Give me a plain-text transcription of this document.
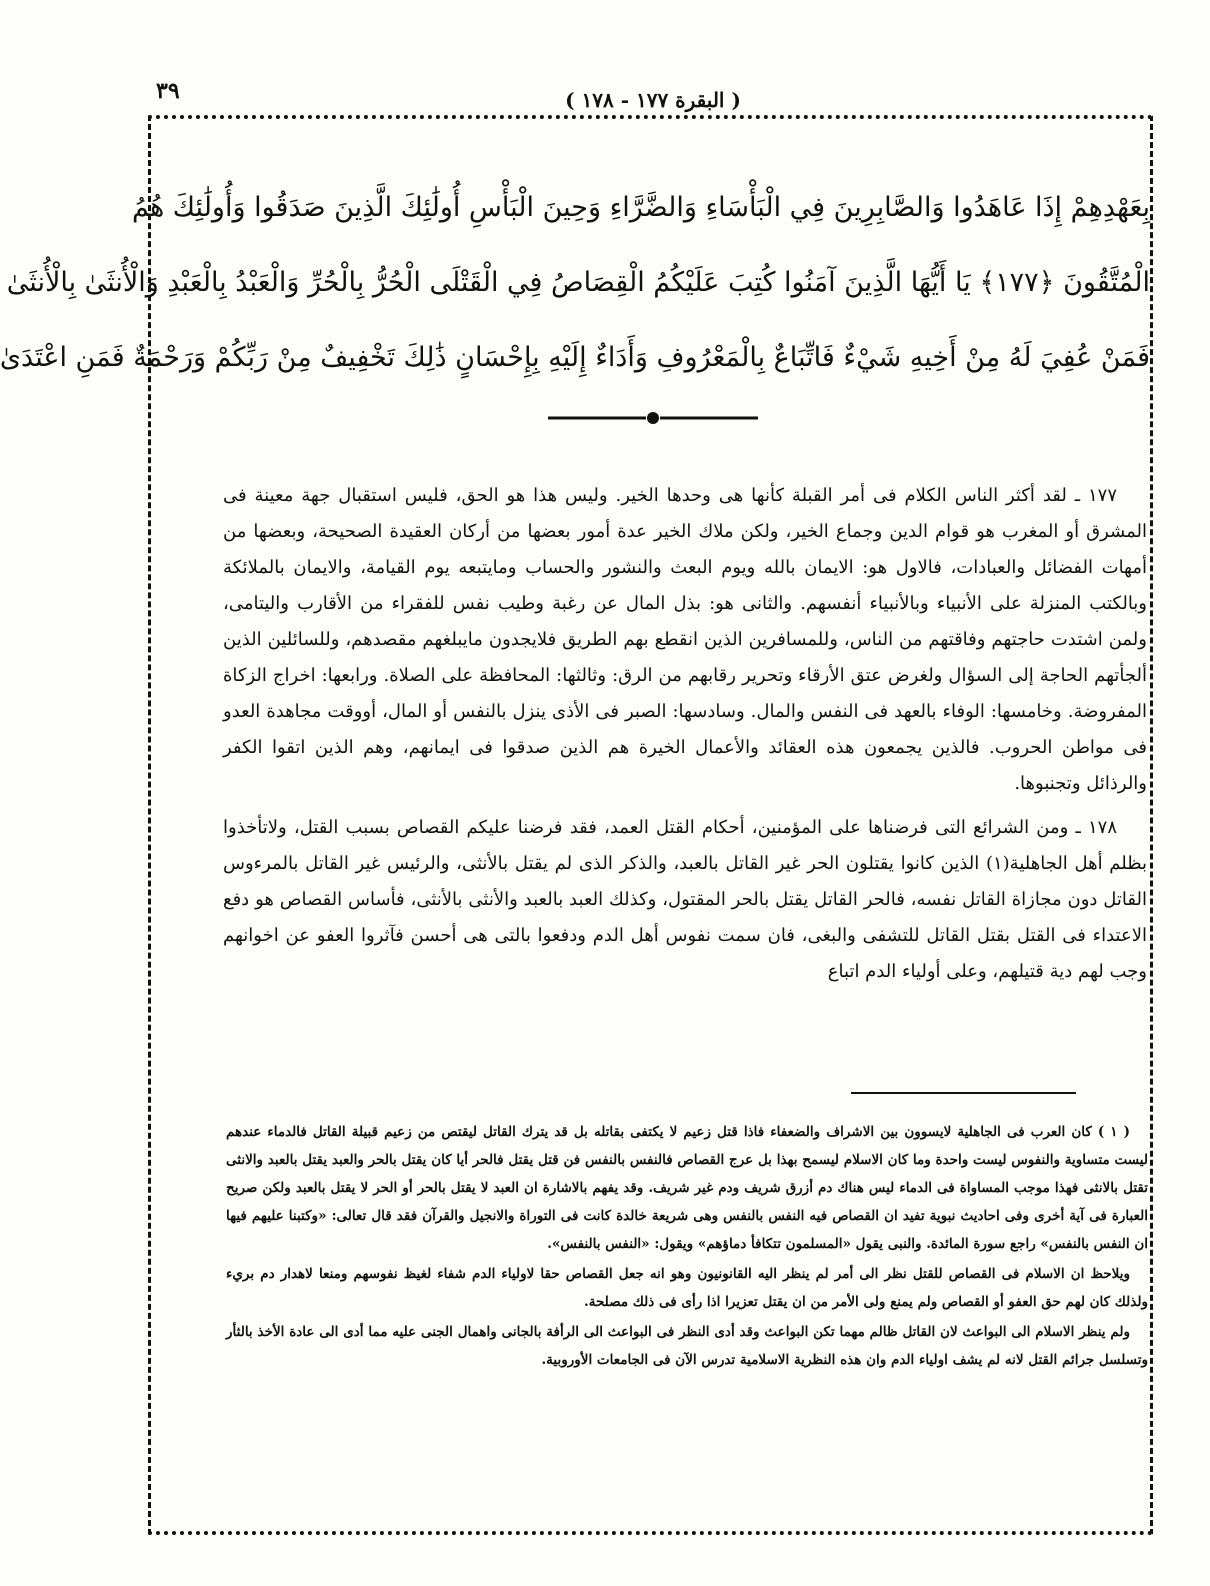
٣٩	( البقرة ١٧٧ - ١٧٨ )

بِعَهْدِهِمْ إِذَا عَاهَدُوا وَالصَّابِرِينَ فِي الْبَأْسَاءِ وَالضَّرَّاءِ وَحِينَ الْبَأْسِ أُولَٰئِكَ الَّذِينَ صَدَقُوا وَأُولَٰئِكَ هُمُ

الْمُتَّقُونَ ﴿١٧٧﴾ يَا أَيُّهَا الَّذِينَ آمَنُوا كُتِبَ عَلَيْكُمُ الْقِصَاصُ فِي الْقَتْلَى الْحُرُّ بِالْحُرِّ وَالْعَبْدُ بِالْعَبْدِ وَالْأُنثَىٰ بِالْأُنثَىٰ

فَمَنْ عُفِيَ لَهُ مِنْ أَخِيهِ شَيْءٌ فَاتِّبَاعٌ بِالْمَعْرُوفِ وَأَدَاءٌ إِلَيْهِ بِإِحْسَانٍ ذَٰلِكَ تَخْفِيفٌ مِنْ رَبِّكُمْ وَرَحْمَةٌ فَمَنِ اعْتَدَىٰ

١٧٧ ـ لقد أكثر الناس الكلام فى أمر القبلة كأنها هى وحدها الخير. وليس هذا هو الحق، فليس استقبال جهة معينة فى المشرق أو المغرب هو قوام الدين وجماع الخير، ولكن ملاك الخير عدة أمور بعضها من أركان العقيدة الصحيحة، وبعضها من أمهات الفضائل والعبادات، فالاول هو: الايمان بالله ويوم البعث والنشور والحساب ومايتبعه يوم القيامة، والايمان بالملائكة وبالكتب المنزلة على الأنبياء وبالأنبياء أنفسهم. والثانى هو: بذل المال عن رغبة وطيب نفس للفقراء من الأقارب واليتامى، ولمن اشتدت حاجتهم وفاقتهم من الناس، وللمسافرين الذين انقطع بهم الطريق فلايجدون مايبلغهم مقصدهم، وللسائلين الذين ألجأتهم الحاجة إلى السؤال ولغرض عتق الأرقاء وتحرير رقابهم من الرق: وثالثها: المحافظة على الصلاة. ورابعها: اخراج الزكاة المفروضة. وخامسها: الوفاء بالعهد فى النفس والمال. وسادسها: الصبر فى الأذى ينزل بالنفس أو المال، أووقت مجاهدة العدو فى مواطن الحروب. فالذين يجمعون هذه العقائد والأعمال الخيرة هم الذين صدقوا فى ايمانهم، وهم الذين اتقوا الكفر والرذائل وتجنبوها.

١٧٨ ـ ومن الشرائع التى فرضناها على المؤمنين، أحكام القتل العمد، فقد فرضنا عليكم القصاص بسبب القتل، ولاتأخذوا بظلم أهل الجاهلية(١) الذين كانوا يقتلون الحر غير القاتل بالعبد، والذكر الذى لم يقتل بالأنثى، والرئيس غير القاتل بالمرءوس القاتل دون مجازاة القاتل نفسه، فالحر القاتل يقتل بالحر المقتول، وكذلك العبد بالعبد والأنثى بالأنثى، فأساس القصاص هو دفع الاعتداء فى القتل بقتل القاتل للتشفى والبغى، فان سمت نفوس أهل الدم ودفعوا بالتى هى أحسن فآثروا العفو عن اخوانهم وجب لهم دية قتيلهم، وعلى أولياء الدم اتباع

( ١ ) كان العرب فى الجاهلية لايسوون بين الاشراف والضعفاء فاذا قتل زعيم لا يكتفى بقاتله بل قد يترك القاتل ليقتص من زعيم قبيلة القاتل فالدماء عندهم ليست متساوية والنفوس ليست واحدة وما كان الاسلام ليسمح بهذا بل عرج القصاص فالنفس بالنفس فن قتل يقتل فالحر أيا كان يقتل بالحر والعبد يقتل بالعبد والانثى تقتل بالانثى فهذا موجب المساواة فى الدماء ليس هناك دم أزرق شريف ودم غير شريف. وقد يفهم بالاشارة ان العبد لا يقتل بالحر أو الحر لا يقتل بالعبد ولكن صريح العبارة فى آية أخرى وفى احاديث نبوية تفيد ان القصاص فيه النفس بالنفس وهى شريعة خالدة كانت فى التوراة والانجيل والقرآن فقد قال تعالى: «وكتبنا عليهم فيها ان النفس بالنفس» راجع سورة المائدة. والنبى يقول «المسلمون تتكافأ دماؤهم» ويقول: «النفس بالنفس».

ويلاحظ ان الاسلام فى القصاص للقتل نظر الى أمر لم ينظر اليه القانونيون وهو انه جعل القصاص حقا لاولياء الدم شفاء لغيظ نفوسهم ومنعا لاهدار دم بريء ولذلك كان لهم حق العفو أو القصاص ولم يمنع ولى الأمر من ان يقتل تعزيرا اذا رأى فى ذلك مصلحة.

ولم ينظر الاسلام الى البواعث لان القاتل ظالم مهما تكن البواعث وقد أدى النظر فى البواعث الى الرأفة بالجانى واهمال الجنى عليه مما أدى الى عادة الأخذ بالثأر وتسلسل جرائم القتل لانه لم يشف اولياء الدم وان هذه النظرية الاسلامية تدرس الآن فى الجامعات الأوروبية.
